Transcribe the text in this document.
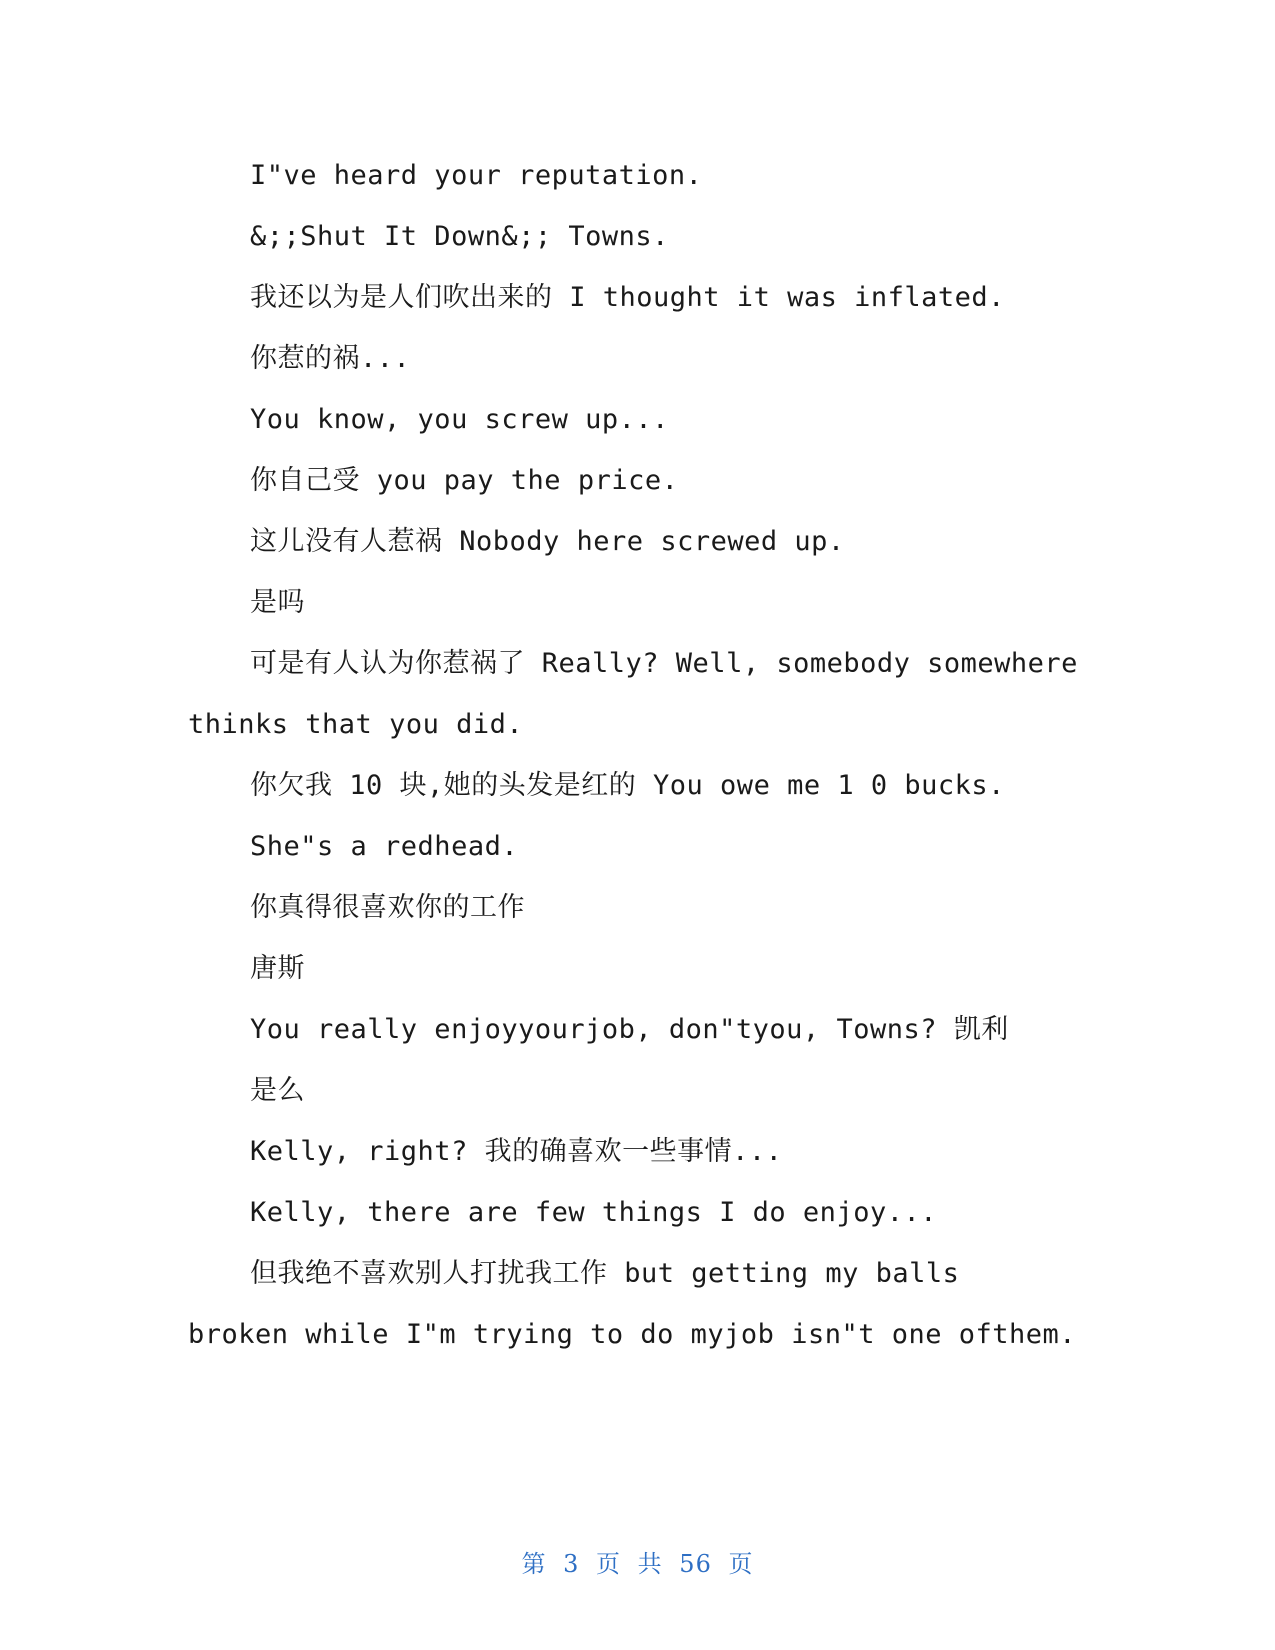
I"ve heard your reputation.
&;;Shut It Down&;; Towns.
我还以为是人们吹出来的 I thought it was inflated.
你惹的祸...
You know, you screw up...
你自己受 you pay the price.
这儿没有人惹祸 Nobody here screwed up.
是吗
可是有人认为你惹祸了 Really? Well, somebody somewhere
thinks that you did.
你欠我 10 块,她的头发是红的 You owe me 1 0 bucks.
She"s a redhead.
你真得很喜欢你的工作
唐斯
You really enjoyyourjob, don"tyou, Towns? 凯利
是么
Kelly, right? 我的确喜欢一些事情...
Kelly, there are few things I do enjoy...
但我绝不喜欢别人打扰我工作 but getting my balls
broken while I"m trying to do myjob isn"t one ofthem.
第 3 页 共 56 页
